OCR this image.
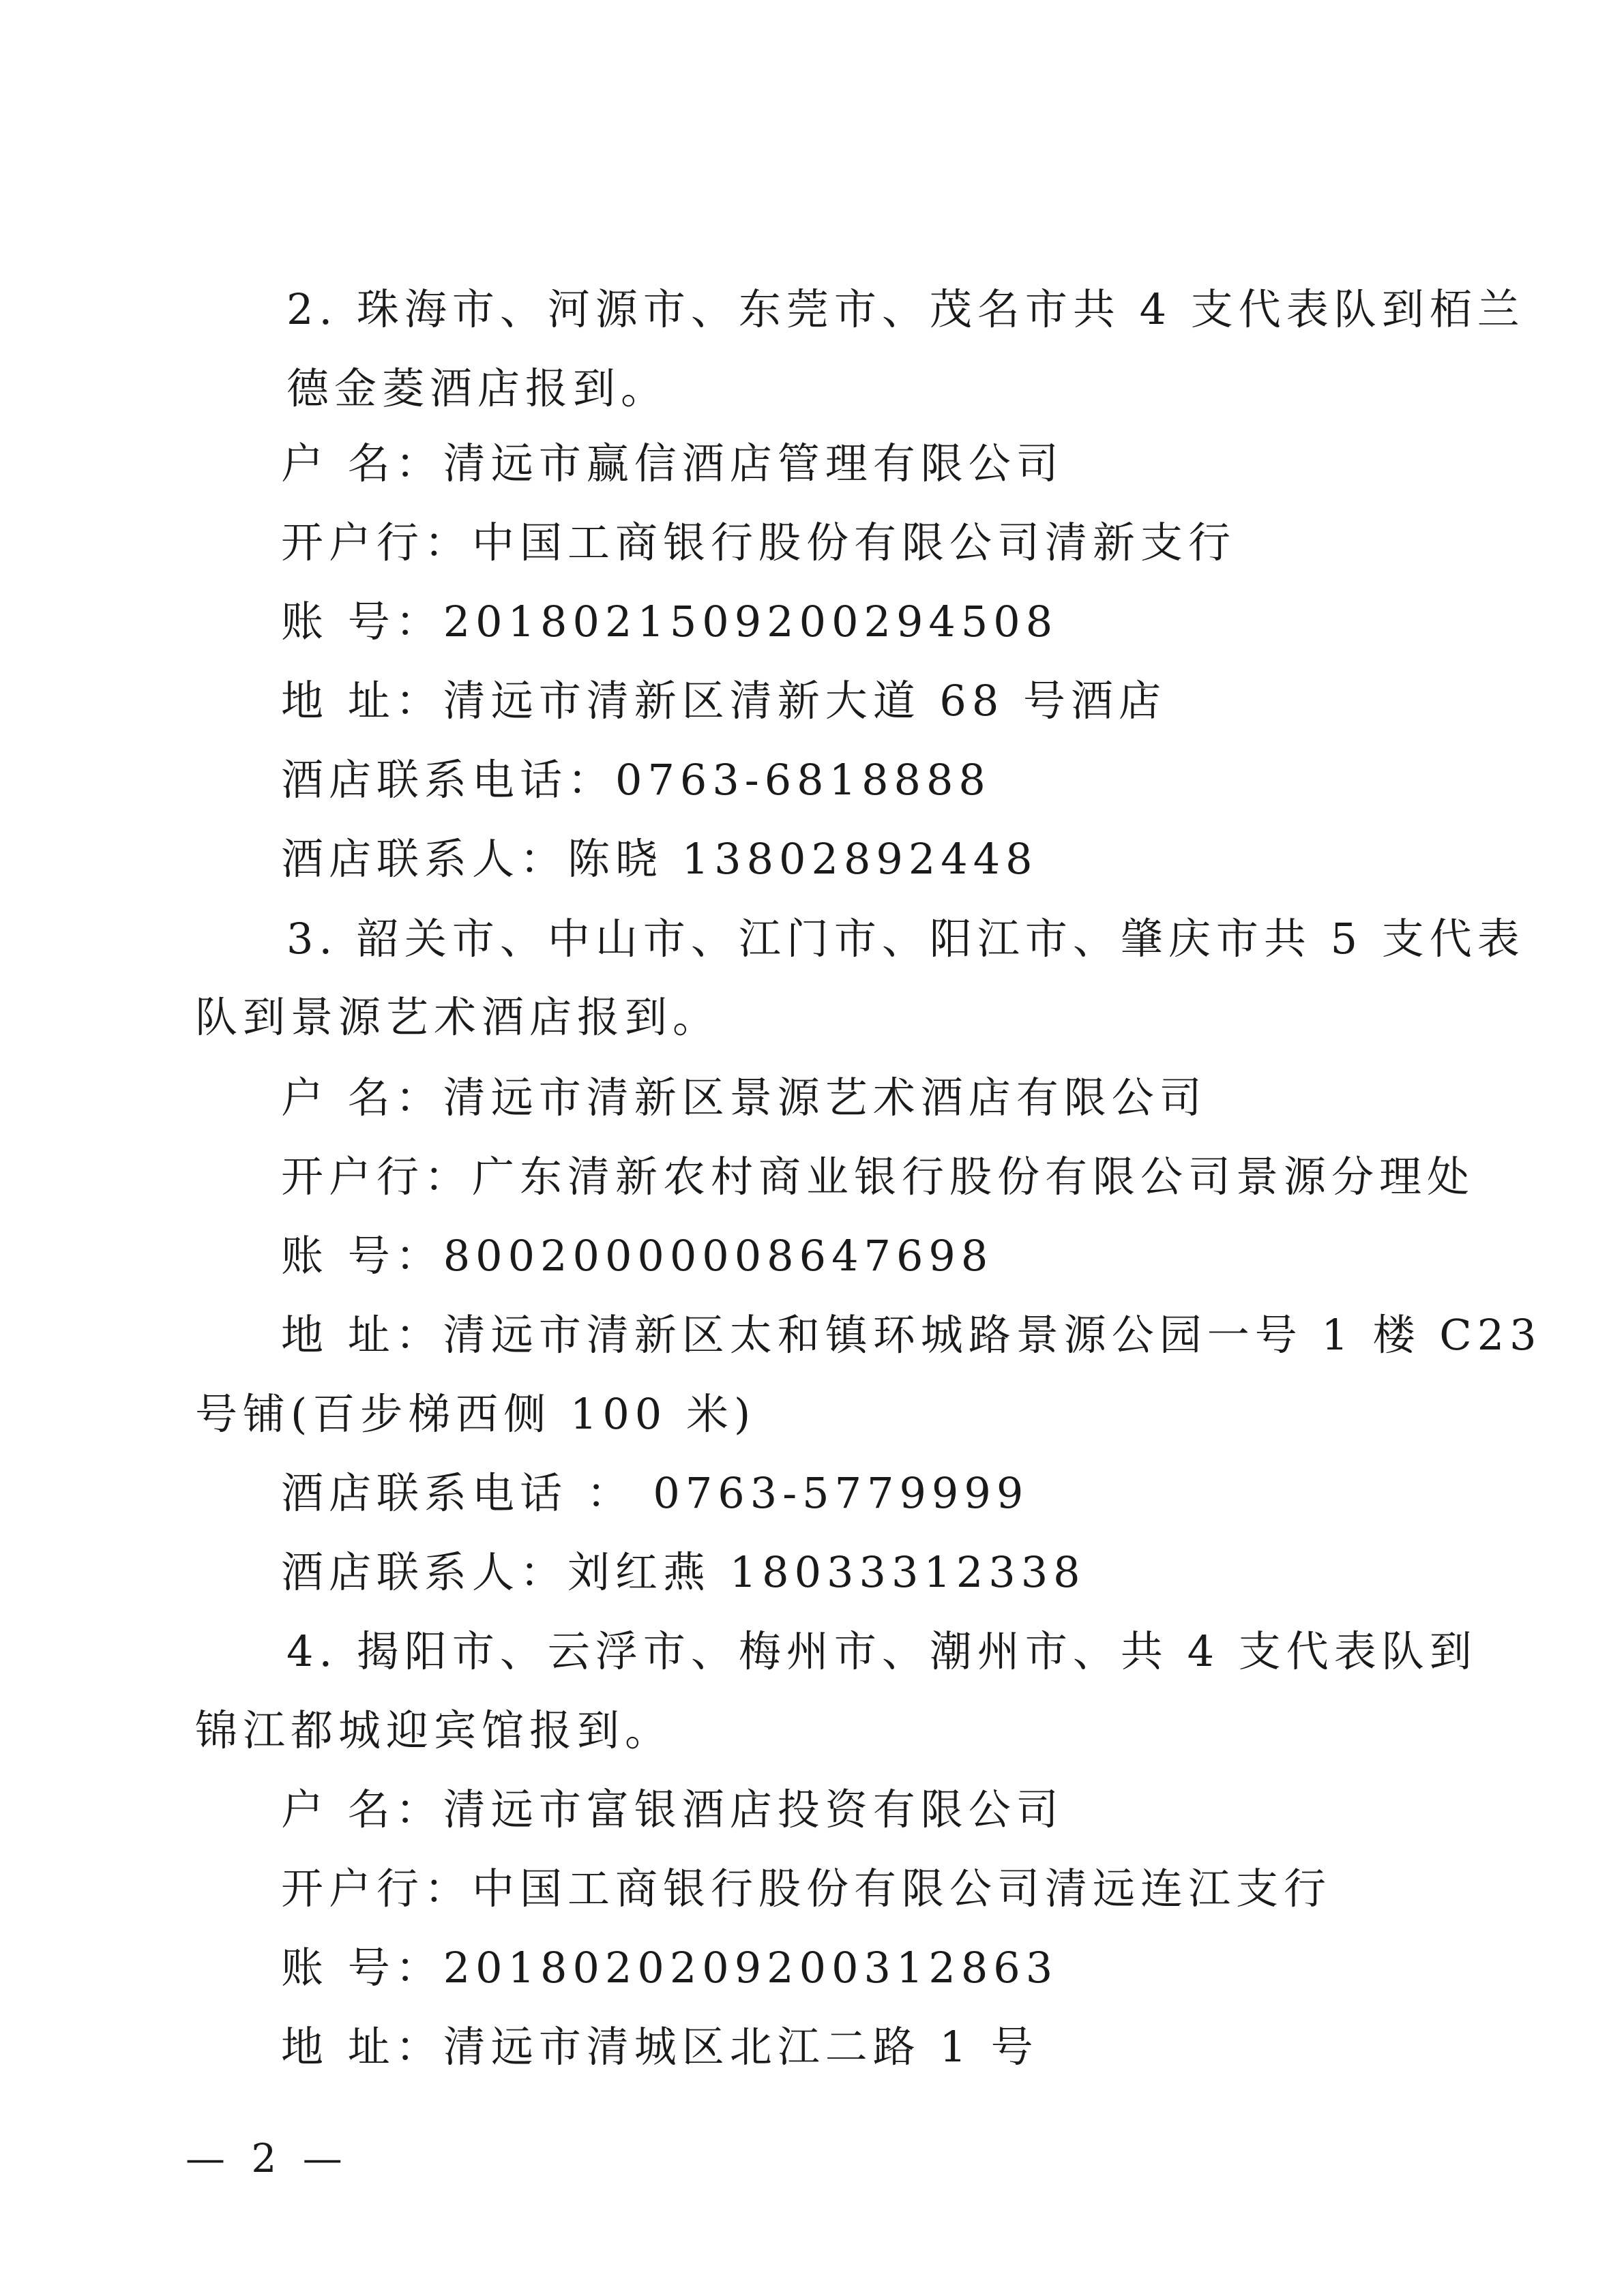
2. 珠海市、河源市、东莞市、茂名市共 4 支代表队到栢兰
德金菱酒店报到。
户 名：清远市赢信酒店管理有限公司
开户行：中国工商银行股份有限公司清新支行
账 号：2018021509200294508
地 址：清远市清新区清新大道 68 号酒店
酒店联系电话：0763-6818888
酒店联系人：陈晓 13802892448
3. 韶关市、中山市、江门市、阳江市、肇庆市共 5 支代表
队到景源艺术酒店报到。
户 名：清远市清新区景源艺术酒店有限公司
开户行：广东清新农村商业银行股份有限公司景源分理处
账 号：80020000008647698
地 址：清远市清新区太和镇环城路景源公园一号 1 楼 C23
号铺(百步梯西侧 100 米)
酒店联系电话 ： 0763-5779999
酒店联系人：刘红燕 18033312338
4. 揭阳市、云浮市、梅州市、潮州市、共 4 支代表队到
锦江都城迎宾馆报到。
户 名：清远市富银酒店投资有限公司
开户行：中国工商银行股份有限公司清远连江支行
账 号：2018020209200312863
地 址：清远市清城区北江二路 1 号
— 2 —
